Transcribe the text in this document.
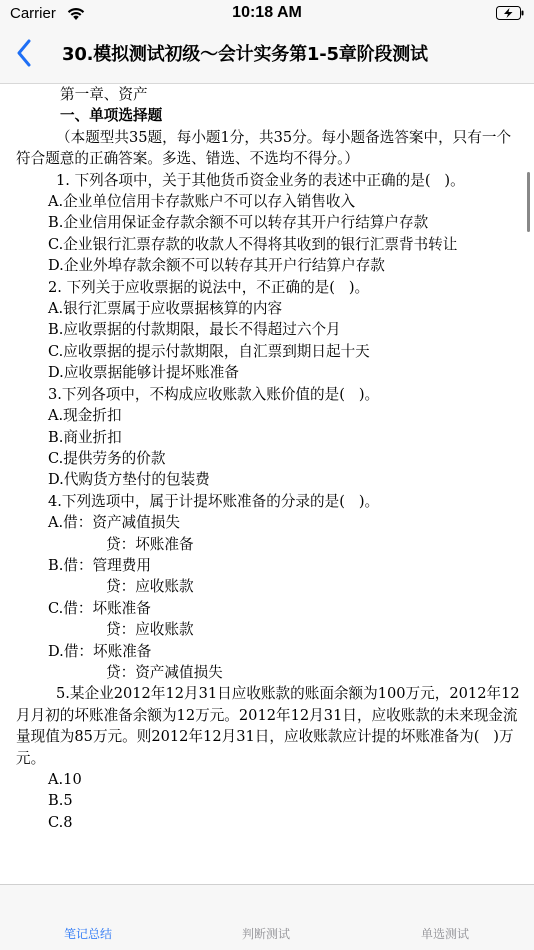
Carrier	10:18 AM
30.模拟测试初级～会计实务第1-5章阶段测试
第一章、资产
一、单项选择题
（本题型共35题，每小题1分，共35分。每小题备选答案中，只有一个符合题意的正确答案。多选、错选、不选均不得分。）
1. 下列各项中，关于其他货币资金业务的表述中正确的是(   )。
A.企业单位信用卡存款账户不可以存入销售收入
B.企业信用保证金存款余额不可以转存其开户行结算户存款
C.企业银行汇票存款的收款人不得将其收到的银行汇票背书转让
D.企业外埠存款余额不可以转存其开户行结算户存款
2. 下列关于应收票据的说法中，不正确的是(   )。
A.银行汇票属于应收票据核算的内容
B.应收票据的付款期限，最长不得超过六个月
C.应收票据的提示付款期限，自汇票到期日起十天
D.应收票据能够计提坏账准备
3.下列各项中，不构成应收账款入账价值的是(   )。
A.现金折扣
B.商业折扣
C.提供劳务的价款
D.代购货方垫付的包装费
4.下列选项中，属于计提坏账准备的分录的是(   )。
A.借：资产减值损失
贷：坏账准备
B.借：管理费用
贷：应收账款
C.借：坏账准备
贷：应收账款
D.借：坏账准备
贷：资产减值损失
5.某企业2012年12月31日应收账款的账面余额为100万元，2012年12月月初的坏账准备余额为12万元。2012年12月31日，应收账款的未来现金流量现值为85万元。则2012年12月31日，应收账款应计提的坏账准备为(   )万元。
A.10
B.5
C.8
笔记总结	判断测试	单选测试
